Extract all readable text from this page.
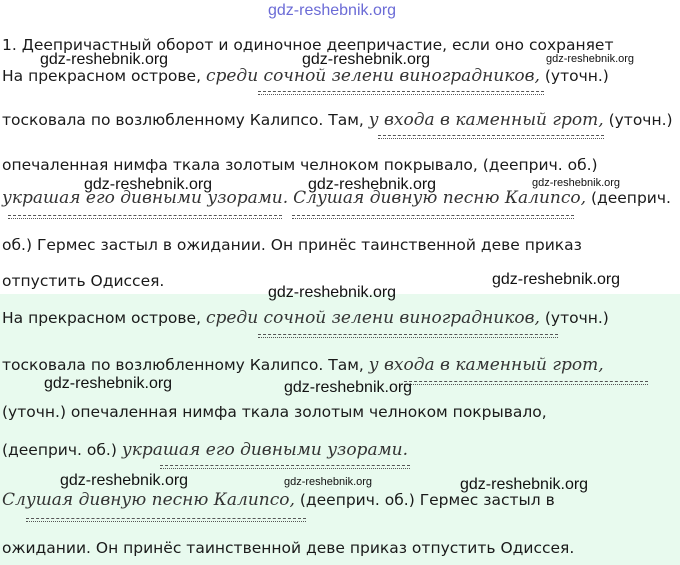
gdz-reshebnik.org
1. Деепричастный оборот и одиночное деепричастие, если оно сохраняет
На прекрасном острове, среди сочной зелени виноградников, (уточн.)
тосковала по возлюбленному Калипсо. Там, у входа в каменный грот, (уточн.)
опечаленная нимфа ткала золотым челноком покрывало, (дееприч. об.)
украшая его дивными узорами. Слушая дивную песню Калипсо, (дееприч.
об.) Гермес застыл в ожидании. Он принёс таинственной деве приказ
отпустить Одиссея.
На прекрасном острове, среди сочной зелени виноградников, (уточн.)
тосковала по возлюбленному Калипсо. Там, у входа в каменный грот,
(уточн.) опечаленная нимфа ткала золотым челноком покрывало,
(дееприч. об.) украшая его дивными узорами.
Слушая дивную песню Калипсо, (дееприч. об.) Гермес застыл в
ожидании. Он принёс таинственной деве приказ отпустить Одиссея.
gdz-reshebnik.org	gdz-reshebnik.org	gdz-reshebnik.org
gdz-reshebnik.org	gdz-reshebnik.org	gdz-reshebnik.org
gdz-reshebnik.org
gdz-reshebnik.org
gdz-reshebnik.org	gdz-reshebnik.org
gdz-reshebnik.org	gdz-reshebnik.org	gdz-reshebnik.org
